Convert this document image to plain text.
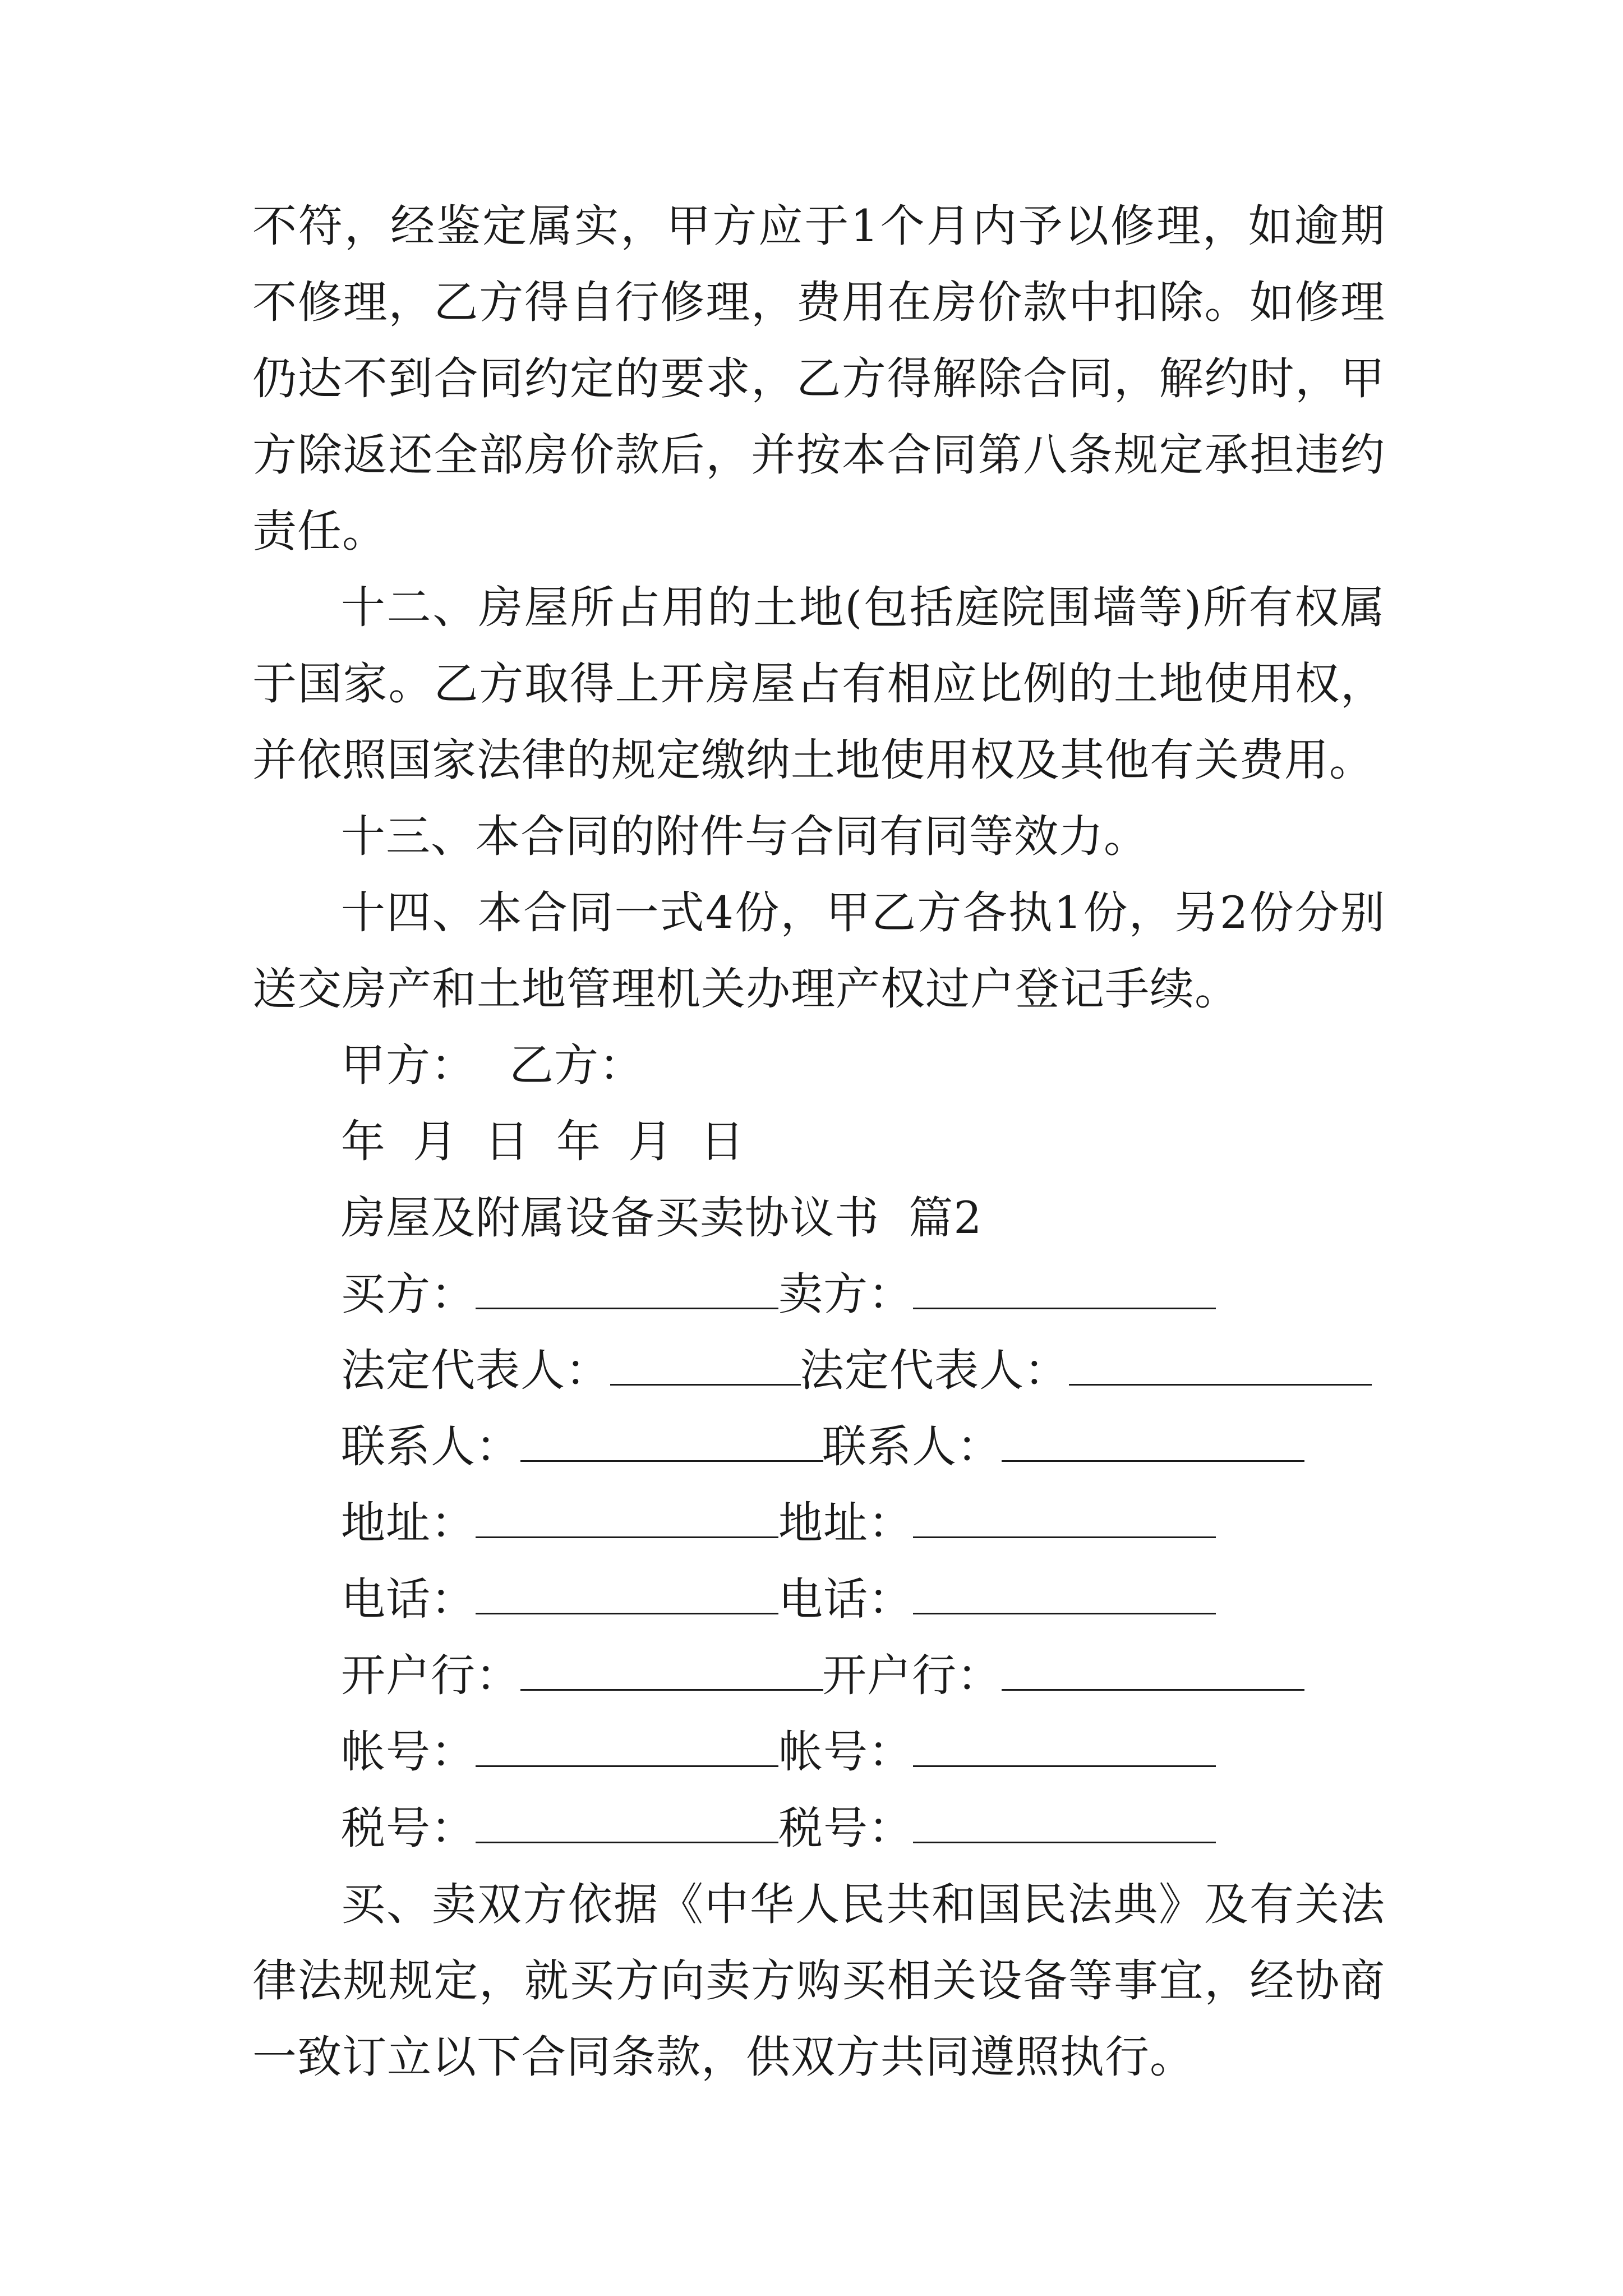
不符，经鉴定属实，甲方应于1个月内予以修理，如逾期不修理，乙方得自行修理，费用在房价款中扣除。如修理仍达不到合同约定的要求，乙方得解除合同，解约时，甲方除返还全部房价款后，并按本合同第八条规定承担违约责任。

十二、房屋所占用的土地(包括庭院围墙等)所有权属于国家。乙方取得上开房屋占有相应比例的土地使用权，并依照国家法律的规定缴纳土地使用权及其他有关费用。

十三、本合同的附件与合同有同等效力。

十四、本合同一式4份，甲乙方各执1份，另2份分别送交房产和土地管理机关办理产权过户登记手续。

甲方： 乙方：

年 月 日 年 月 日

房屋及附属设备买卖协议书  篇2

买方：	卖方：
法定代表人：	法定代表人：
联系人：	联系人：
地址：	地址：
电话：	电话：
开户行：	开户行：
帐号：	帐号：
税号：	税号：

买、卖双方依据《中华人民共和国民法典》及有关法律法规规定，就买方向卖方购买相关设备等事宜，经协商一致订立以下合同条款，供双方共同遵照执行。
